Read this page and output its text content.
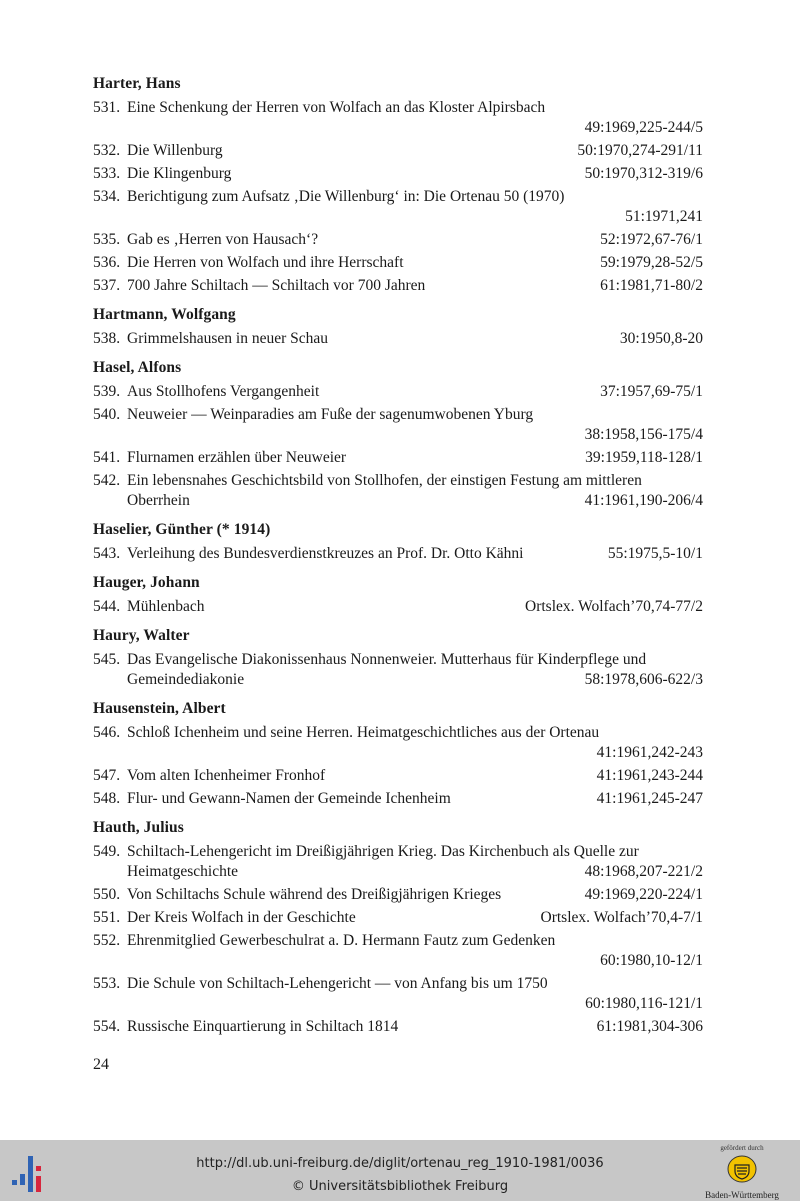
Harter, Hans
531. Eine Schenkung der Herren von Wolfach an das Kloster Alpirsbach
49:1969,225-244/5
532. Die Willenburg	50:1970,274-291/11
533. Die Klingenburg	50:1970,312-319/6
534. Berichtigung zum Aufsatz ‚Die Willenburg‘ in: Die Ortenau 50 (1970)
51:1971,241
535. Gab es ‚Herren von Hausach‘?	52:1972,67-76/1
536. Die Herren von Wolfach und ihre Herrschaft	59:1979,28-52/5
537. 700 Jahre Schiltach — Schiltach vor 700 Jahren	61:1981,71-80/2
Hartmann, Wolfgang
538. Grimmelshausen in neuer Schau	30:1950,8-20
Hasel, Alfons
539. Aus Stollhofens Vergangenheit	37:1957,69-75/1
540. Neuweier — Weinparadies am Fuße der sagenumwobenen Yburg
38:1958,156-175/4
541. Flurnamen erzählen über Neuweier	39:1959,118-128/1
542. Ein lebensnahes Geschichtsbild von Stollhofen, der einstigen Festung am mittleren
Oberrhein	41:1961,190-206/4
Haselier, Günther (* 1914)
543. Verleihung des Bundesverdienstkreuzes an Prof. Dr. Otto Kähni	55:1975,5-10/1
Hauger, Johann
544. Mühlenbach	Ortslex. Wolfach’70,74-77/2
Haury, Walter
545. Das Evangelische Diakonissenhaus Nonnenweier. Mutterhaus für Kinderpflege und
Gemeindediakonie	58:1978,606-622/3
Hausenstein, Albert
546. Schloß Ichenheim und seine Herren. Heimatgeschichtliches aus der Ortenau
41:1961,242-243
547. Vom alten Ichenheimer Fronhof	41:1961,243-244
548. Flur- und Gewann-Namen der Gemeinde Ichenheim	41:1961,245-247
Hauth, Julius
549. Schiltach-Lehengericht im Dreißigjährigen Krieg. Das Kirchenbuch als Quelle zur
Heimatgeschichte	48:1968,207-221/2
550. Von Schiltachs Schule während des Dreißigjährigen Krieges	49:1969,220-224/1
551. Der Kreis Wolfach in der Geschichte	Ortslex. Wolfach’70,4-7/1
552. Ehrenmitglied Gewerbeschulrat a. D. Hermann Fautz zum Gedenken
60:1980,10-12/1
553. Die Schule von Schiltach-Lehengericht — von Anfang bis um 1750
60:1980,116-121/1
554. Russische Einquartierung in Schiltach 1814	61:1981,304-306
24
http://dl.ub.uni-freiburg.de/diglit/ortenau_reg_1910-1981/0036
© Universitätsbibliothek Freiburg
gefördert durch
Baden-Württemberg
